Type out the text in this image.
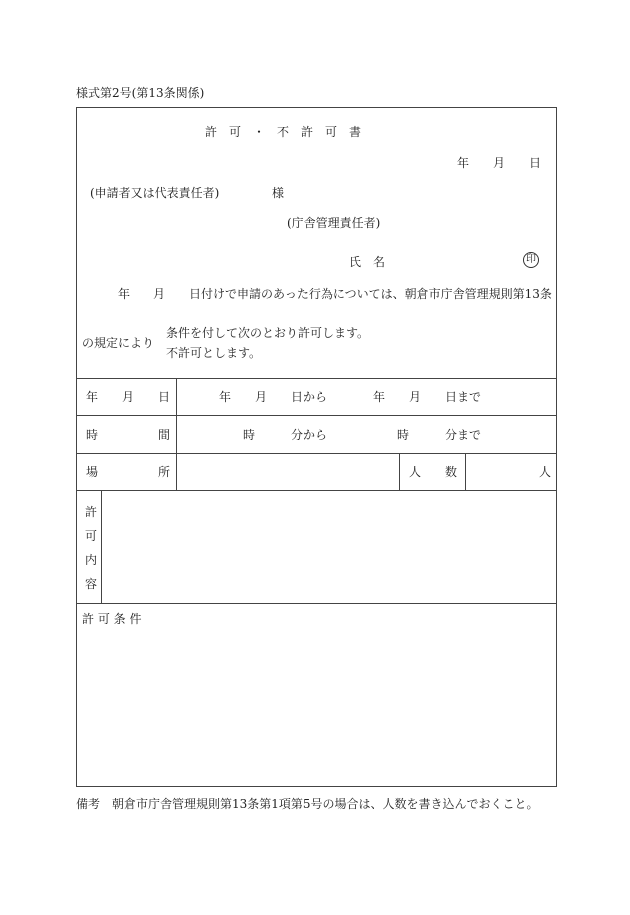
様式第2号(第13条関係)
許　可　・　不　許　可　書
年　　月　　日
(申請者又は代表責任者)	様
(庁舎管理責任者)
氏　名	印
年 月 日付けで申請のあった行為については、朝倉市庁舎管理規則第13条
の規定により
条件を付して次のとおり許可します。
不許可とします。
年 月 日	年 月 日から	年 月 日まで
時	間	時	分から	時	分まで
場	所	人 数	人
許
可
内
容
許 可 条 件
備考　朝倉市庁舎管理規則第13条第1項第5号の場合は、人数を書き込んでおくこと。
